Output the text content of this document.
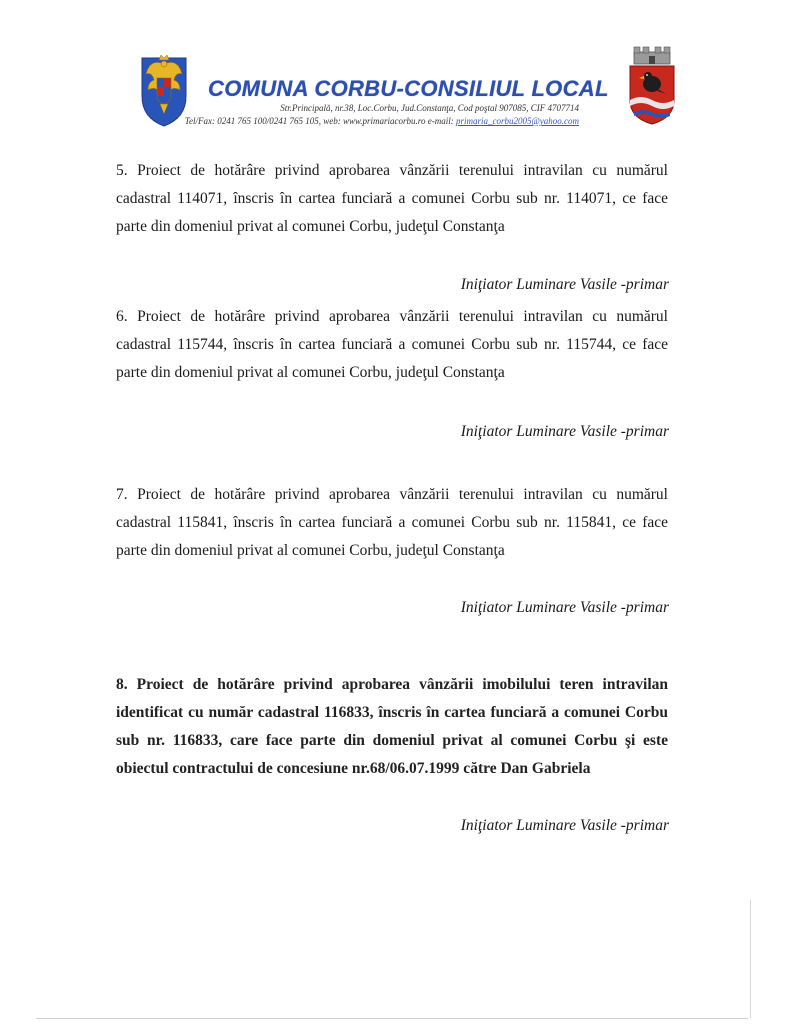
COMUNA CORBU-CONSILIUL LOCAL
Str.Principală, nr.38, Loc.Corbu, Jud.Constanţa, Cod poştal 907085, CIF 4707714
Tel/Fax: 0241 765 100/0241 765 105, web: www.primariacorbu.ro e-mail: primaria_corbu2005@yahoo.com
5. Proiect de hotărâre privind aprobarea vânzării terenului intravilan cu numărul cadastral 114071, înscris în cartea funciară a comunei Corbu sub nr. 114071, ce face parte din domeniul privat al comunei Corbu, judeţul Constanţa
Iniţiator Luminare Vasile -primar
6. Proiect de hotărâre privind aprobarea vânzării terenului intravilan cu numărul cadastral 115744, înscris în cartea funciară a comunei Corbu sub nr. 115744, ce face parte din domeniul privat al comunei Corbu, judeţul Constanţa
Iniţiator Luminare Vasile -primar
7. Proiect de hotărâre privind aprobarea vânzării terenului intravilan cu numărul cadastral 115841, înscris în cartea funciară a comunei Corbu sub nr. 115841, ce face parte din domeniul privat al comunei Corbu, judeţul Constanţa
Iniţiator Luminare Vasile -primar
8. Proiect de hotărâre privind aprobarea vânzării imobilului teren intravilan identificat cu număr cadastral 116833, înscris în cartea funciară a comunei Corbu sub nr. 116833, care face parte din domeniul privat al comunei Corbu şi este obiectul contractului de concesiune nr.68/06.07.1999 către Dan Gabriela
Iniţiator Luminare Vasile -primar
